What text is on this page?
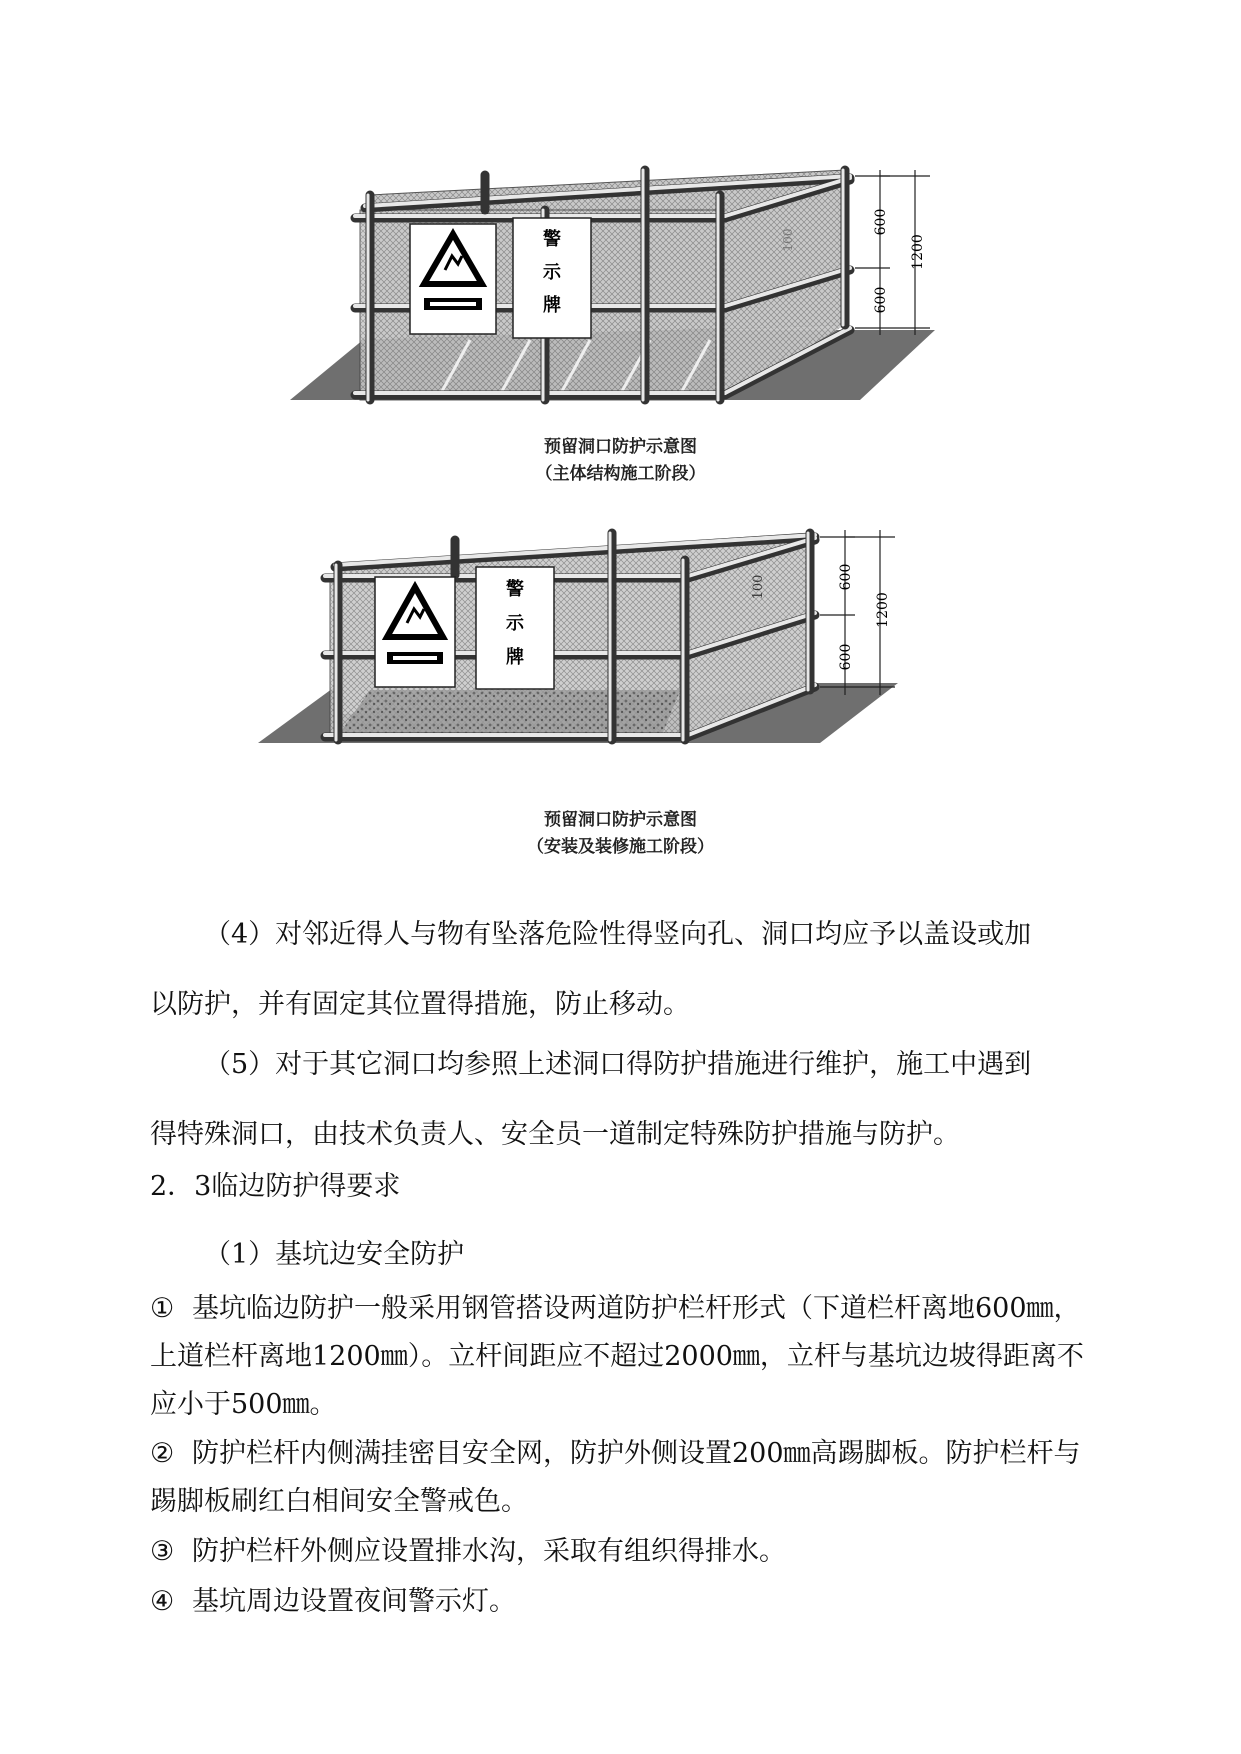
警
示
牌
600
600
1200
100
预留洞口防护示意图
（主体结构施工阶段）
警
示
牌
600
600
1200
100
预留洞口防护示意图
（安装及装修施工阶段）
（4）对邻近得人与物有坠落危险性得竖向孔、洞口均应予以盖设或加
以防护，并有固定其位置得措施，防止移动。
（5）对于其它洞口均参照上述洞口得防护措施进行维护，施工中遇到
得特殊洞口，由技术负责人、安全员一道制定特殊防护措施与防护。
2．3临边防护得要求
（1）基坑边安全防护
① 基坑临边防护一般采用钢管搭设两道防护栏杆形式（下道栏杆离地600㎜，上道栏杆离地1200㎜）。立杆间距应不超过2000㎜，立杆与基坑边坡得距离不应小于500㎜。
② 防护栏杆内侧满挂密目安全网，防护外侧设置200㎜高踢脚板。防护栏杆与踢脚板刷红白相间安全警戒色。
③ 防护栏杆外侧应设置排水沟，采取有组织得排水。
④ 基坑周边设置夜间警示灯。
